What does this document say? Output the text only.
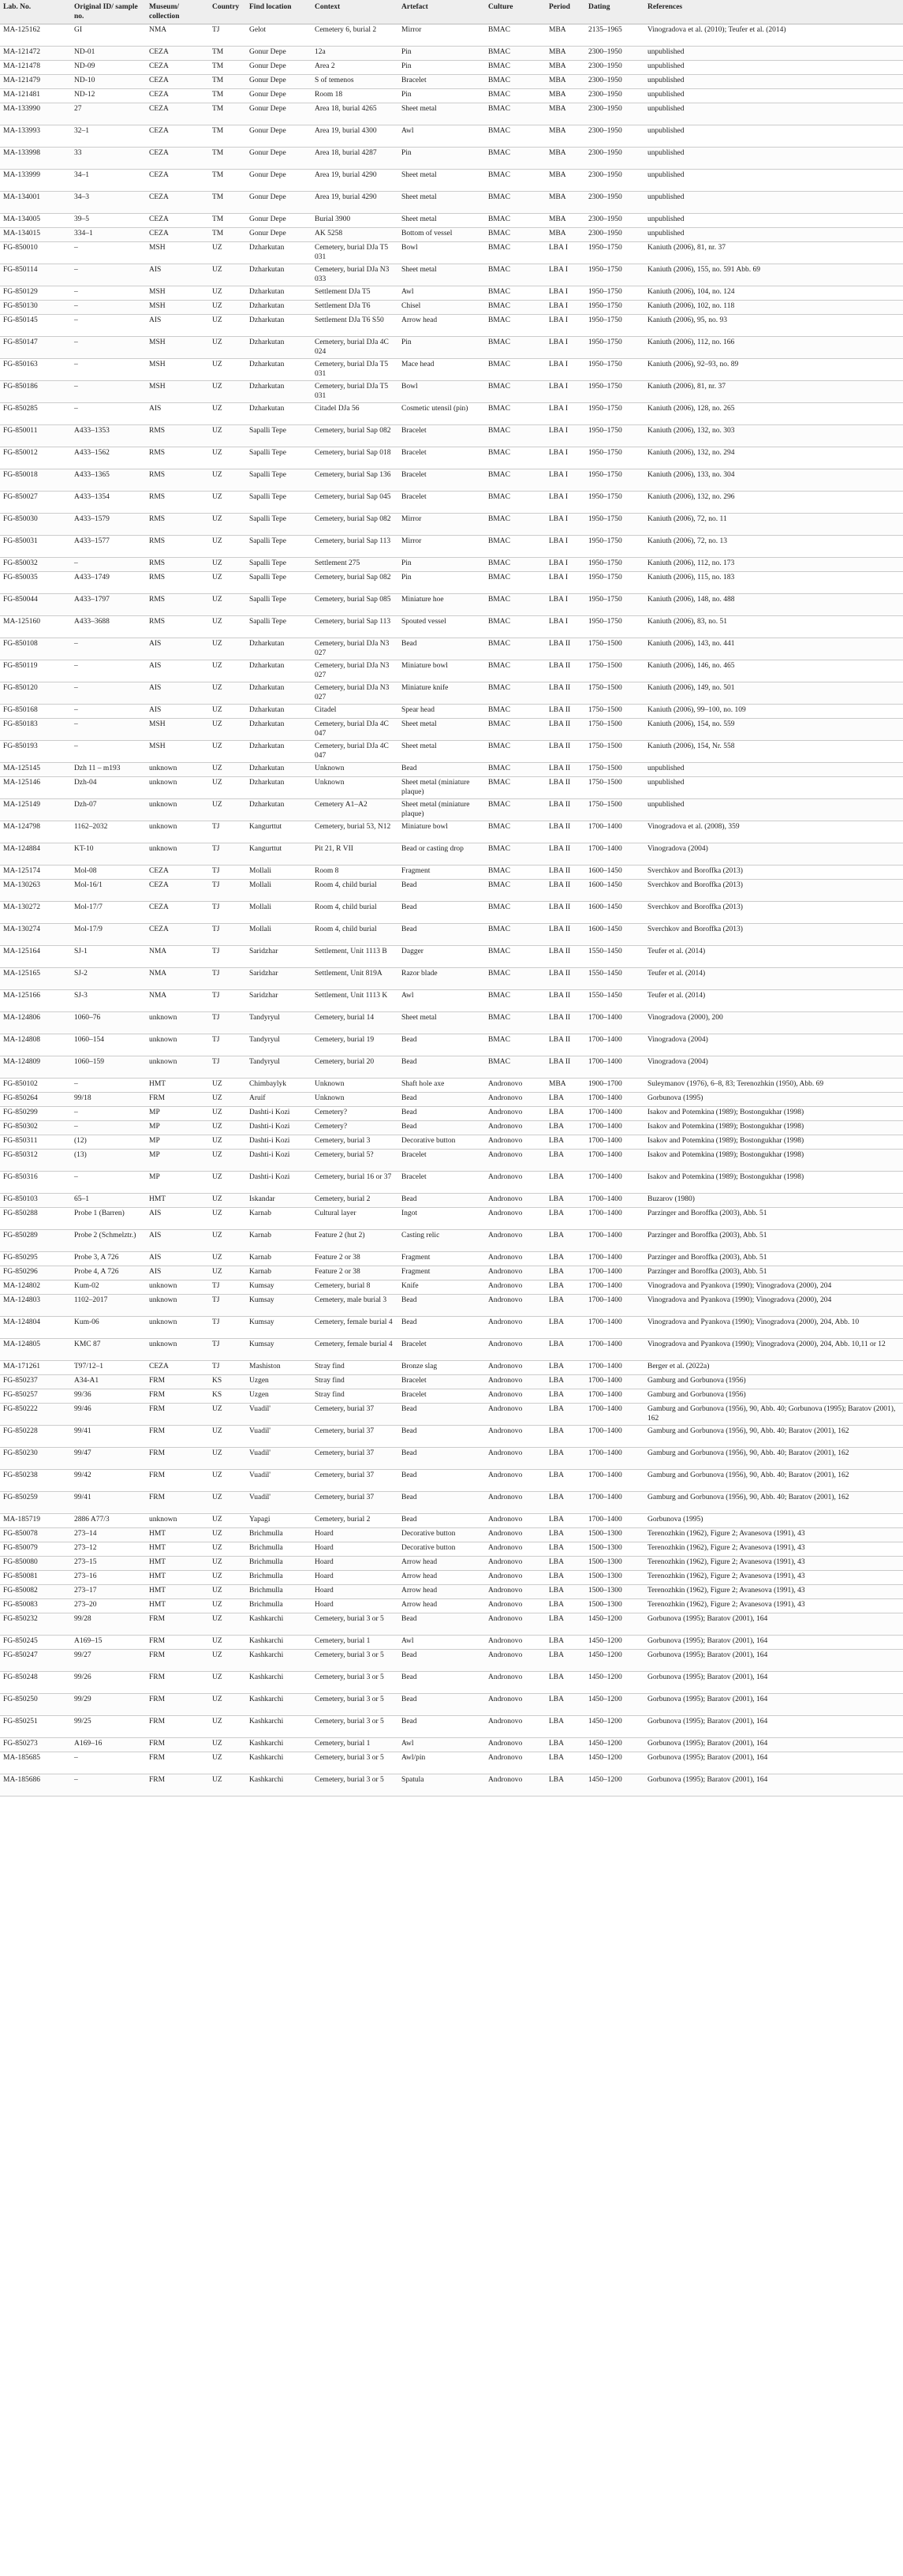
Lab. No.	Original ID/ sample no.	Museum/ collection	Country	Find location	Context	Artefact	Culture	Period	Dating	References
MA-125162	GI	NMA	TJ	Gelot	Cemetery 6, burial 2	Mirror	BMAC	MBA	2135–1965	Vinogradova et al. (2010); Teufer et al. (2014)
MA-121472	ND-01	CEZA	TM	Gonur Depe	12a	Pin	BMAC	MBA	2300–1950	unpublished
MA-121478	ND-09	CEZA	TM	Gonur Depe	Area 2	Pin	BMAC	MBA	2300–1950	unpublished
MA-121479	ND-10	CEZA	TM	Gonur Depe	S of temenos	Bracelet	BMAC	MBA	2300–1950	unpublished
MA-121481	ND-12	CEZA	TM	Gonur Depe	Room 18	Pin	BMAC	MBA	2300–1950	unpublished
MA-133990	27	CEZA	TM	Gonur Depe	Area 18, burial 4265	Sheet metal	BMAC	MBA	2300–1950	unpublished
MA-133993	32–1	CEZA	TM	Gonur Depe	Area 19, burial 4300	Awl	BMAC	MBA	2300–1950	unpublished
MA-133998	33	CEZA	TM	Gonur Depe	Area 18, burial 4287	Pin	BMAC	MBA	2300–1950	unpublished
MA-133999	34–1	CEZA	TM	Gonur Depe	Area 19, burial 4290	Sheet metal	BMAC	MBA	2300–1950	unpublished
MA-134001	34–3	CEZA	TM	Gonur Depe	Area 19, burial 4290	Sheet metal	BMAC	MBA	2300–1950	unpublished
MA-134005	39–5	CEZA	TM	Gonur Depe	Burial 3900	Sheet metal	BMAC	MBA	2300–1950	unpublished
MA-134015	334–1	CEZA	TM	Gonur Depe	AK 5258	Bottom of vessel	BMAC	MBA	2300–1950	unpublished
FG-850010	–	MSH	UZ	Dzharkutan	Cemetery, burial DJa T5 031	Bowl	BMAC	LBA I	1950–1750	Kaniuth (2006), 81, nr. 37
FG-850114	–	AIS	UZ	Dzharkutan	Cemetery, burial DJa N3 033	Sheet metal	BMAC	LBA I	1950–1750	Kaniuth (2006), 155, no. 591 Abb. 69
FG-850129	–	MSH	UZ	Dzharkutan	Settlement DJa T5	Awl	BMAC	LBA I	1950–1750	Kaniuth (2006), 104, no. 124
FG-850130	–	MSH	UZ	Dzharkutan	Settlement DJa T6	Chisel	BMAC	LBA I	1950–1750	Kaniuth (2006), 102, no. 118
FG-850145	–	AIS	UZ	Dzharkutan	Settlement DJa T6 S50	Arrow head	BMAC	LBA I	1950–1750	Kaniuth (2006), 95, no. 93
FG-850147	–	MSH	UZ	Dzharkutan	Cemetery, burial DJa 4C 024	Pin	BMAC	LBA I	1950–1750	Kaniuth (2006), 112, no. 166
FG-850163	–	MSH	UZ	Dzharkutan	Cemetery, burial DJa T5 031	Mace head	BMAC	LBA I	1950–1750	Kaniuth (2006), 92–93, no. 89
FG-850186	–	MSH	UZ	Dzharkutan	Cemetery, burial DJa T5 031	Bowl	BMAC	LBA I	1950–1750	Kaniuth (2006), 81, nr. 37
FG-850285	–	AIS	UZ	Dzharkutan	Citadel DJa 56	Cosmetic utensil (pin)	BMAC	LBA I	1950–1750	Kaniuth (2006), 128, no. 265
FG-850011	A433–1353	RMS	UZ	Sapalli Tepe	Cemetery, burial Sap 082	Bracelet	BMAC	LBA I	1950–1750	Kaniuth (2006), 132, no. 303
FG-850012	A433–1562	RMS	UZ	Sapalli Tepe	Cemetery, burial Sap 018	Bracelet	BMAC	LBA I	1950–1750	Kaniuth (2006), 132, no. 294
FG-850018	A433–1365	RMS	UZ	Sapalli Tepe	Cemetery, burial Sap 136	Bracelet	BMAC	LBA I	1950–1750	Kaniuth (2006), 133, no. 304
FG-850027	A433–1354	RMS	UZ	Sapalli Tepe	Cemetery, burial Sap 045	Bracelet	BMAC	LBA I	1950–1750	Kaniuth (2006), 132, no. 296
FG-850030	A433–1579	RMS	UZ	Sapalli Tepe	Cemetery, burial Sap 082	Mirror	BMAC	LBA I	1950–1750	Kaniuth (2006), 72, no. 11
FG-850031	A433–1577	RMS	UZ	Sapalli Tepe	Cemetery, burial Sap 113	Mirror	BMAC	LBA I	1950–1750	Kaniuth (2006), 72, no. 13
FG-850032	–	RMS	UZ	Sapalli Tepe	Settlement 275	Pin	BMAC	LBA I	1950–1750	Kaniuth (2006), 112, no. 173
FG-850035	A433–1749	RMS	UZ	Sapalli Tepe	Cemetery, burial Sap 082	Pin	BMAC	LBA I	1950–1750	Kaniuth (2006), 115, no. 183
FG-850044	A433–1797	RMS	UZ	Sapalli Tepe	Cemetery, burial Sap 085	Miniature hoe	BMAC	LBA I	1950–1750	Kaniuth (2006), 148, no. 488
MA-125160	A433–3688	RMS	UZ	Sapalli Tepe	Cemetery, burial Sap 113	Spouted vessel	BMAC	LBA I	1950–1750	Kaniuth (2006), 83, no. 51
FG-850108	–	AIS	UZ	Dzharkutan	Cemetery, burial DJa N3 027	Bead	BMAC	LBA II	1750–1500	Kaniuth (2006), 143, no. 441
FG-850119	–	AIS	UZ	Dzharkutan	Cemetery, burial DJa N3 027	Miniature bowl	BMAC	LBA II	1750–1500	Kaniuth (2006), 146, no. 465
FG-850120	–	AIS	UZ	Dzharkutan	Cemetery, burial DJa N3 027	Miniature knife	BMAC	LBA II	1750–1500	Kaniuth (2006), 149, no. 501
FG-850168	–	AIS	UZ	Dzharkutan	Citadel	Spear head	BMAC	LBA II	1750–1500	Kaniuth (2006), 99–100, no. 109
FG-850183	–	MSH	UZ	Dzharkutan	Cemetery, burial DJa 4C 047	Sheet metal	BMAC	LBA II	1750–1500	Kaniuth (2006), 154, no. 559
FG-850193	–	MSH	UZ	Dzharkutan	Cemetery, burial DJa 4C 047	Sheet metal	BMAC	LBA II	1750–1500	Kaniuth (2006), 154, Nr. 558
MA-125145	Dzh 11 – m193	unknown	UZ	Dzharkutan	Unknown	Bead	BMAC	LBA II	1750–1500	unpublished
MA-125146	Dzh-04	unknown	UZ	Dzharkutan	Unknown	Sheet metal (miniature plaque)	BMAC	LBA II	1750–1500	unpublished
MA-125149	Dzh-07	unknown	UZ	Dzharkutan	Cemetery A1–A2	Sheet metal (miniature plaque)	BMAC	LBA II	1750–1500	unpublished
MA-124798	1162–2032	unknown	TJ	Kangurttut	Cemetery, burial 53, N12	Miniature bowl	BMAC	LBA II	1700–1400	Vinogradova et al. (2008), 359
MA-124884	KT-10	unknown	TJ	Kangurttut	Pit 21, R VII	Bead or casting drop	BMAC	LBA II	1700–1400	Vinogradova (2004)
MA-125174	Mol-08	CEZA	TJ	Mollali	Room 8	Fragment	BMAC	LBA II	1600–1450	Sverchkov and Boroffka (2013)
MA-130263	Mol-16/1	CEZA	TJ	Mollali	Room 4, child burial	Bead	BMAC	LBA II	1600–1450	Sverchkov and Boroffka (2013)
MA-130272	Mol-17/7	CEZA	TJ	Mollali	Room 4, child burial	Bead	BMAC	LBA II	1600–1450	Sverchkov and Boroffka (2013)
MA-130274	Mol-17/9	CEZA	TJ	Mollali	Room 4, child burial	Bead	BMAC	LBA II	1600–1450	Sverchkov and Boroffka (2013)
MA-125164	SJ-1	NMA	TJ	Saridzhar	Settlement, Unit 1113 B	Dagger	BMAC	LBA II	1550–1450	Teufer et al. (2014)
MA-125165	SJ-2	NMA	TJ	Saridzhar	Settlement, Unit 819A	Razor blade	BMAC	LBA II	1550–1450	Teufer et al. (2014)
MA-125166	SJ-3	NMA	TJ	Saridzhar	Settlement, Unit 1113 K	Awl	BMAC	LBA II	1550–1450	Teufer et al. (2014)
MA-124806	1060–76	unknown	TJ	Tandyryul	Cemetery, burial 14	Sheet metal	BMAC	LBA II	1700–1400	Vinogradova (2000), 200
MA-124808	1060–154	unknown	TJ	Tandyryul	Cemetery, burial 19	Bead	BMAC	LBA II	1700–1400	Vinogradova (2004)
MA-124809	1060–159	unknown	TJ	Tandyryul	Cemetery, burial 20	Bead	BMAC	LBA II	1700–1400	Vinogradova (2004)
FG-850102	–	HMT	UZ	Chimbaylyk	Unknown	Shaft hole axe	Andronovo	MBA	1900–1700	Suleymanov (1976), 6–8, 83; Terenozhkin (1950), Abb. 69
FG-850264	99/18	FRM	UZ	Aruif	Unknown	Bead	Andronovo	LBA	1700–1400	Gorbunova (1995)
FG-850299	–	MP	UZ	Dashti-i Kozi	Cemetery?	Bead	Andronovo	LBA	1700–1400	Isakov and Potemkina (1989); Bostongukhar (1998)
FG-850302	–	MP	UZ	Dashti-i Kozi	Cemetery?	Bead	Andronovo	LBA	1700–1400	Isakov and Potemkina (1989); Bostongukhar (1998)
FG-850311	(12)	MP	UZ	Dashti-i Kozi	Cemetery, burial 3	Decorative button	Andronovo	LBA	1700–1400	Isakov and Potemkina (1989); Bostongukhar (1998)
FG-850312	(13)	MP	UZ	Dashti-i Kozi	Cemetery, burial 5?	Bracelet	Andronovo	LBA	1700–1400	Isakov and Potemkina (1989); Bostongukhar (1998)
FG-850316	–	MP	UZ	Dashti-i Kozi	Cemetery, burial 16 or 37	Bracelet	Andronovo	LBA	1700–1400	Isakov and Potemkina (1989); Bostongukhar (1998)
FG-850103	65–1	HMT	UZ	Iskandar	Cemetery, burial 2	Bead	Andronovo	LBA	1700–1400	Buzarov (1980)
FG-850288	Probe 1 (Barren)	AIS	UZ	Karnab	Cultural layer	Ingot	Andronovo	LBA	1700–1400	Parzinger and Boroffka (2003), Abb. 51
FG-850289	Probe 2 (Schmelztr.)	AIS	UZ	Karnab	Feature 2 (hut 2)	Casting relic	Andronovo	LBA	1700–1400	Parzinger and Boroffka (2003), Abb. 51
FG-850295	Probe 3, A 726	AIS	UZ	Karnab	Feature 2 or 38	Fragment	Andronovo	LBA	1700–1400	Parzinger and Boroffka (2003), Abb. 51
FG-850296	Probe 4, A 726	AIS	UZ	Karnab	Feature 2 or 38	Fragment	Andronovo	LBA	1700–1400	Parzinger and Boroffka (2003), Abb. 51
MA-124802	Kum-02	unknown	TJ	Kumsay	Cemetery, burial 8	Knife	Andronovo	LBA	1700–1400	Vinogradova and Pyankova (1990); Vinogradova (2000), 204
MA-124803	1102–2017	unknown	TJ	Kumsay	Cemetery, male burial 3	Bead	Andronovo	LBA	1700–1400	Vinogradova and Pyankova (1990); Vinogradova (2000), 204
MA-124804	Kum-06	unknown	TJ	Kumsay	Cemetery, female burial 4	Bead	Andronovo	LBA	1700–1400	Vinogradova and Pyankova (1990); Vinogradova (2000), 204, Abb. 10
MA-124805	KMC 87	unknown	TJ	Kumsay	Cemetery, female burial 4	Bracelet	Andronovo	LBA	1700–1400	Vinogradova and Pyankova (1990); Vinogradova (2000), 204, Abb. 10,11 or 12
MA-171261	T97/12–1	CEZA	TJ	Mashiston	Stray find	Bronze slag	Andronovo	LBA	1700–1400	Berger et al. (2022a)
FG-850237	A34-A1	FRM	KS	Uzgen	Stray find	Bracelet	Andronovo	LBA	1700–1400	Gamburg and Gorbunova (1956)
FG-850257	99/36	FRM	KS	Uzgen	Stray find	Bracelet	Andronovo	LBA	1700–1400	Gamburg and Gorbunova (1956)
FG-850222	99/46	FRM	UZ	Vuadil'	Cemetery, burial 37	Bead	Andronovo	LBA	1700–1400	Gamburg and Gorbunova (1956), 90, Abb. 40; Gorbunova (1995); Baratov (2001), 162
FG-850228	99/41	FRM	UZ	Vuadil'	Cemetery, burial 37	Bead	Andronovo	LBA	1700–1400	Gamburg and Gorbunova (1956), 90, Abb. 40; Baratov (2001), 162
FG-850230	99/47	FRM	UZ	Vuadil'	Cemetery, burial 37	Bead	Andronovo	LBA	1700–1400	Gamburg and Gorbunova (1956), 90, Abb. 40; Baratov (2001), 162
FG-850238	99/42	FRM	UZ	Vuadil'	Cemetery, burial 37	Bead	Andronovo	LBA	1700–1400	Gamburg and Gorbunova (1956), 90, Abb. 40; Baratov (2001), 162
FG-850259	99/41	FRM	UZ	Vuadil'	Cemetery, burial 37	Bead	Andronovo	LBA	1700–1400	Gamburg and Gorbunova (1956), 90, Abb. 40; Baratov (2001), 162
MA-185719	2886 A77/3	unknown	UZ	Yapagi	Cemetery, burial 2	Bead	Andronovo	LBA	1700–1400	Gorbunova (1995)
FG-850078	273–14	HMT	UZ	Brichmulla	Hoard	Decorative button	Andronovo	LBA	1500–1300	Terenozhkin (1962), Figure 2; Avanesova (1991), 43
FG-850079	273–12	HMT	UZ	Brichmulla	Hoard	Decorative button	Andronovo	LBA	1500–1300	Terenozhkin (1962), Figure 2; Avanesova (1991), 43
FG-850080	273–15	HMT	UZ	Brichmulla	Hoard	Arrow head	Andronovo	LBA	1500–1300	Terenozhkin (1962), Figure 2; Avanesova (1991), 43
FG-850081	273–16	HMT	UZ	Brichmulla	Hoard	Arrow head	Andronovo	LBA	1500–1300	Terenozhkin (1962), Figure 2; Avanesova (1991), 43
FG-850082	273–17	HMT	UZ	Brichmulla	Hoard	Arrow head	Andronovo	LBA	1500–1300	Terenozhkin (1962), Figure 2; Avanesova (1991), 43
FG-850083	273–20	HMT	UZ	Brichmulla	Hoard	Arrow head	Andronovo	LBA	1500–1300	Terenozhkin (1962), Figure 2; Avanesova (1991), 43
FG-850232	99/28	FRM	UZ	Kashkarchi	Cemetery, burial 3 or 5	Bead	Andronovo	LBA	1450–1200	Gorbunova (1995); Baratov (2001), 164
FG-850245	A169–15	FRM	UZ	Kashkarchi	Cemetery, burial 1	Awl	Andronovo	LBA	1450–1200	Gorbunova (1995); Baratov (2001), 164
FG-850247	99/27	FRM	UZ	Kashkarchi	Cemetery, burial 3 or 5	Bead	Andronovo	LBA	1450–1200	Gorbunova (1995); Baratov (2001), 164
FG-850248	99/26	FRM	UZ	Kashkarchi	Cemetery, burial 3 or 5	Bead	Andronovo	LBA	1450–1200	Gorbunova (1995); Baratov (2001), 164
FG-850250	99/29	FRM	UZ	Kashkarchi	Cemetery, burial 3 or 5	Bead	Andronovo	LBA	1450–1200	Gorbunova (1995); Baratov (2001), 164
FG-850251	99/25	FRM	UZ	Kashkarchi	Cemetery, burial 3 or 5	Bead	Andronovo	LBA	1450–1200	Gorbunova (1995); Baratov (2001), 164
FG-850273	A169–16	FRM	UZ	Kashkarchi	Cemetery, burial 1	Awl	Andronovo	LBA	1450–1200	Gorbunova (1995); Baratov (2001), 164
MA-185685	–	FRM	UZ	Kashkarchi	Cemetery, burial 3 or 5	Awl/pin	Andronovo	LBA	1450–1200	Gorbunova (1995); Baratov (2001), 164
MA-185686	–	FRM	UZ	Kashkarchi	Cemetery, burial 3 or 5	Spatula	Andronovo	LBA	1450–1200	Gorbunova (1995); Baratov (2001), 164
